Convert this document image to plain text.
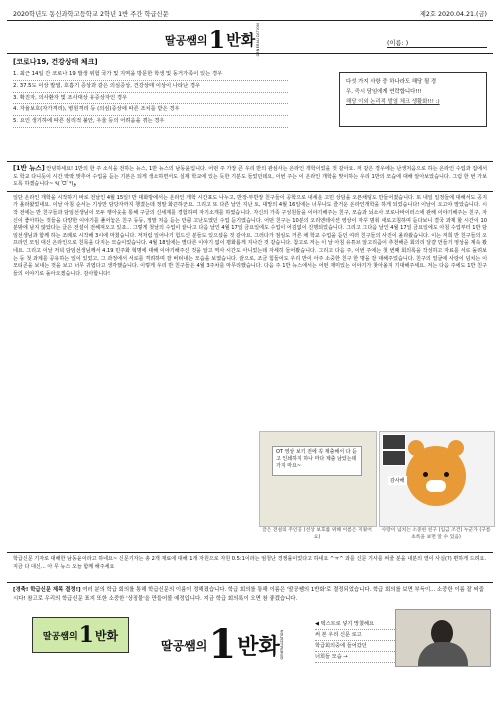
2020학년도 동신과학고등학교 2학년 1반 주간 학급신문	제2호 2020.04.21.(금)
딸공쌤의 1 반화 GENERALIZATION	(이름: )
[코로나19, 건강상태 체크]
1. 최근 14일 간 코로나 19 발생 위험 국가 및 지역을 방문한 학생 및 동거가족이 있는 경우
2. 37.5도 이상 발열, 호흡기 증상과 같은 의심증상, 건강상태 이상이 나타난 경우
3. 확진자, 의사환자 및 조사대상 유증상자인 경우
4. 자율보호(자가격리), 병원격리 등 (의심)증상에 따른 조치를 받은 경우
5. 요인 생기하에 따른 심리적 불안, 우울 등의 어려움을 겪는 경우
다섯 가지 사항 중 하나라도 해당 될 경
우, 즉시 담임에게 연락합니다!!!
해당 이외 논리적 발열 체크 생활화!!! :)

[1반 뉴스] 안녕하세요! 1반의 한 주 소식을 전하는 뉴스, 1반 뉴스의 남동윤입니다. 어떤 주 가장 큰 우리 반의 관심사는 온라인 개학이었을 것 같아요. 저 같은 경우에는 난생처음으로 하는 온라인 수업과 집에서도 학교 다니듯이 시간 딱딱 맞추어 수업을 듣는 기본은 되게 생소하면서도 실제 학교에 있는 듯한 기분도 들었던데요, 이번 주는 이 온라인 개학을 맞이하는 우리 1반의 모습에 대해 알아보았습니다. 그럼 한 번 가보도록 하겠습니다~ ٩(ˊᗜˋ*)و

일단 온라인 개학을 시작하기 바로 전날인 4월 15일! 반 대화방에서는 온라인 개학 시간표도 나누고, 반장·부반장 친구들이 공학으로 내세운 고민 상담을 오픈채팅도 만들어졌습니다. 또 내일 일정들에 대해서도 공지가 올라왔었네요. 이날 아침 순서는 기상만 담당자까지 챙겼는데 정말 화끈하군요. 그리고 또 다른 날인 지난 토, 대망의 4월 16일에는 너무나도 즐거운 온라인개학을 하게 되었습니다! 이날이 오고야 말았습니다. 시작 전에는 반 친구들과 담임선생님이 모두 행아웃을 통해 구글의 신세계를 경험하며 자기소개를 하였습니다. 자신의 가족 구성원들을 이야기해주는 친구, 모습과 뇌소사 코로나바이러스에 관해 이야기해주는 친구, 자신이 좋아하는 것들을 다양한 이야기를 풀어놓은 친구 등등, 정말 처음 듣는 만큼 고난도였던 수업 듣기였습니다. 어떤 친구는 10분의 오리엔테이션 영상이 자꾸 멈춰 새로고침하며 듣다보니 결국 과제 할 시간이 10분밖에 남지 않았다는 글은 전설이 전해져오고 있죠... 그렇게 첫날의 수업이 끝나고 다음 날인 4월 17일 금요일에도 수업이 어김없이 진행되었습니다. 그리고 그다음 날인 4월 17일 금요일에도 아침 수업부터 1반 담임선생님과 함께 하는 조례로 시작해 3시에 마쳤습니다. 저처럼 일어나기 힘드신 분들도 있으셨을 것 같아요. 그러다가 점심도 거른 채 학교 수업을 듣던 여러 친구들의 사진이 올라왔습니다. 이는 저희 반 친구들의 오프라인 모임 대신 온라인으로 친목을 다지는 모습이었습니다. 4월 18일에는 별다른 이야기 없이 평화롭게 지나간 것 같습니다. 참고로 저는 이 날 아침 유튜브 알고리즘이 추천해준 회의리 달걀 만들기 영상을 계속 봤네요. 그리고 이날 저녁 담임선생님께서 4.19 민주화 혁명에 대해 이야기해주신 것을 알고 역사 시간도 아니었는데 자세히 들어봤습니다. 그리고 다음 주, 이번 주에는 첫 번째 회의록을 작성하고 자료를 서로 돌려보는 등 첫 과제를 공유하는 일이 있었고, 그 과정에서 서로를 격려하며 잘 버텨내는 모습을 보였습니다. 끝으로, 조금 힘들어도 우리 반이 아주 소중한 친구 한 명을 잘 대해주었습니다. 친구의 얼굴에 사랑이 넘치는 이모티콘을 보내는 것을 보고 너무 귀엽다고 생각했습니다. 이렇게 우리 반 친구들은 4월 3주차를 마무리했습니다. 다음 주 1반 뉴스에서는 어떤 재미있는 이야기가 찾아올지 기대해주세요. 저는 다음 주에도 1반 친구들의 이야기로 돌아오겠습니다. 감사합니다!

OT 영상 보기 전에 꼭 제출해서 다 듣고 인쇄하지 하나 마다 제출 남았는데 가지 마요~
글은 전설의 주인공 (선상 보호를 위해 이름은 지웠어요)
감사해
사랑이 넘치는 소중한 친구 (입금 조건) 누군가 (구름 초록을 보면 알 수 있음)
학급신문 기자로 대해한 남동윤이라고 하네요~ 신문기자는 총 2개 재료에 대해 1개 자원으로 자원 0.5:1이라는 엄청난 경쟁률이었다고 하네요 ^ㅠ^ 과를 신문 기사를 써줄 분을 내분의 열이 사실(?) 편하게 드려요. 지금 다 대신... 아 무 뉴스 오늘 함께 해주세요

[경축! 학급신문 제목 결정!] 여러 분의 학급 회의를 통해 학급신문의 이름이 정해졌습니다. 학급 회의를 통해 이름은 '딸공쌤의 1반화'로 결정되었습니다. 학급 회의를 보면 부득이... 소중한 이름 잘 써줍시다! 참고로 우리의 학급신문 표지 또한 소중한 '상징물'을 만들어볼 예정입니다. 지금 학급 회의록이 오면 참 좋겠습니다.

딸공쌤의 1 반화
딸공쌤의 1 반화 GENERALIZATION
◀ 텍스트로 넣기 망쳤해요
써 본 우리 신문 로고
학급회의중에 들어갔던
너희들 모습 →
